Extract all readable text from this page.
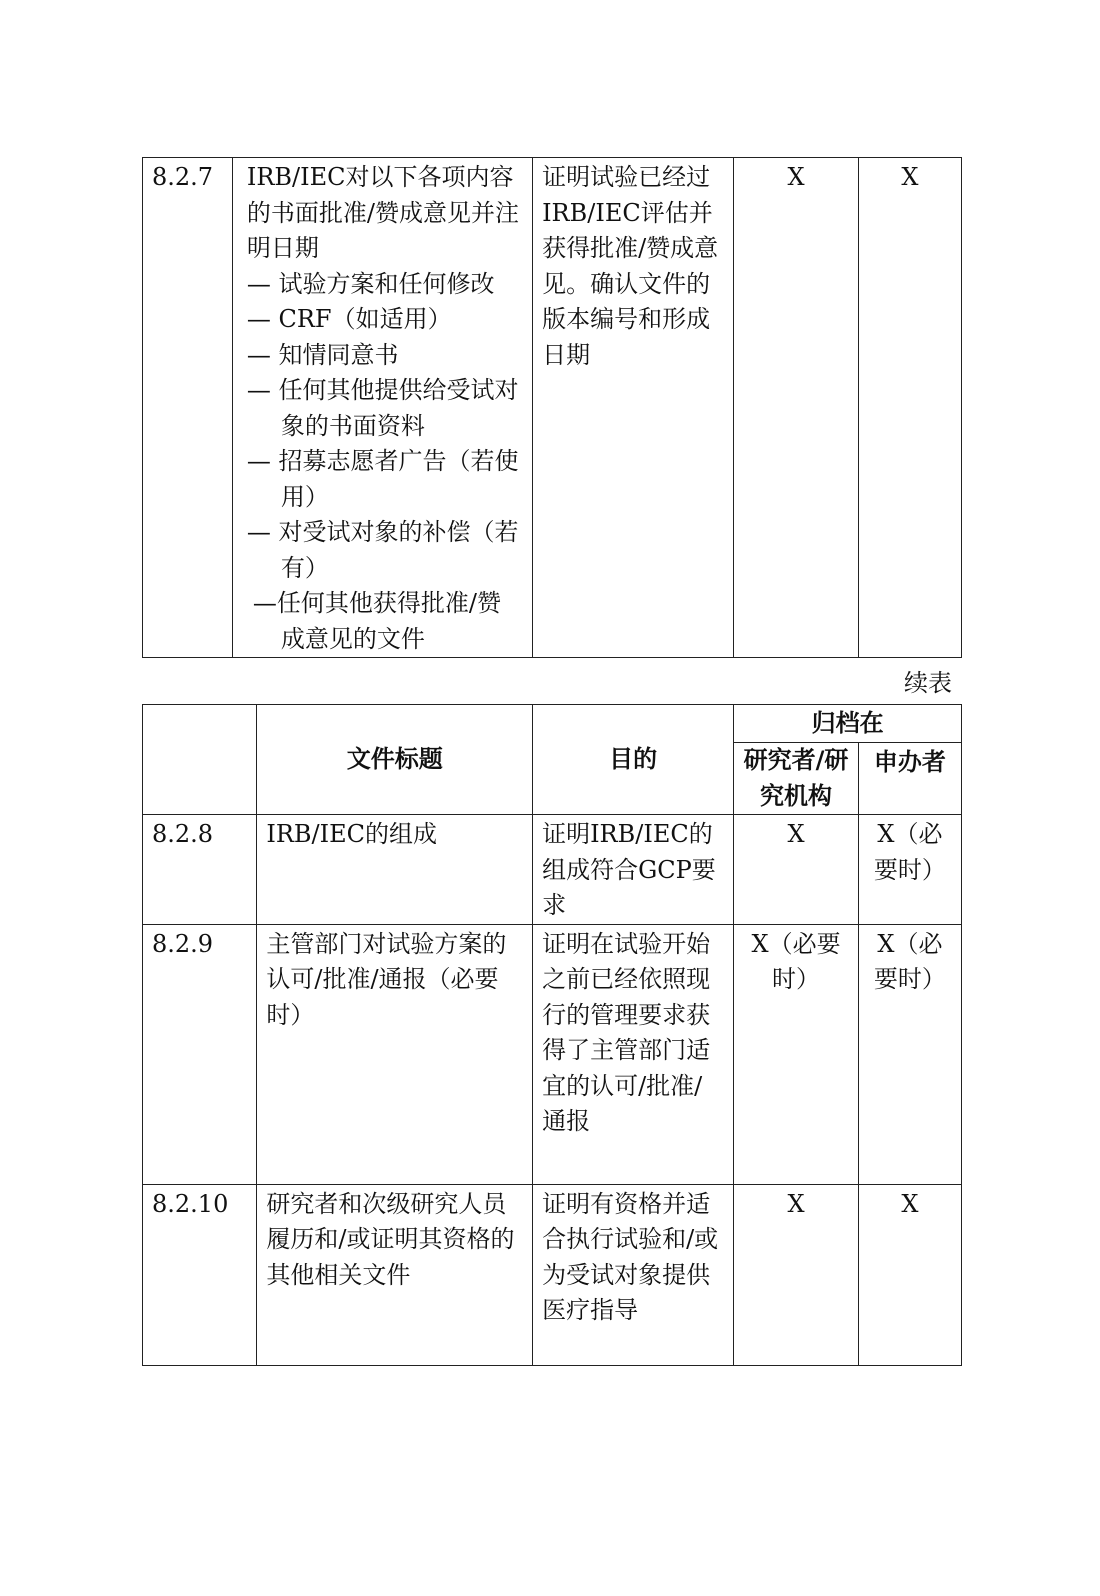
8.2.7	IRB/IEC对以下各项内容的书面批准/赞成意见并注明日期
— 试验方案和任何修改
— CRF（如适用）
— 知情同意书
— 任何其他提供给受试对象的书面资料
— 招募志愿者广告（若使用）
— 对受试对象的补偿（若有）
—任何其他获得批准/赞成意见的文件
	证明试验已经过IRB/IEC评估并获得批准/赞成意见。确认文件的版本编号和形成日期	X	X
续表
	文件标题	目的	归档在	
			研究者/研究机构	申办者
8.2.8	IRB/IEC的组成	证明IRB/IEC的组成符合GCP要求	X	X（必要时）
8.2.9	主管部门对试验方案的认可/批准/通报（必要时）	证明在试验开始之前已经依照现行的管理要求获得了主管部门适宜的认可/批准/通报	X（必要时）	X（必要时）
8.2.10	研究者和次级研究人员履历和/或证明其资格的其他相关文件	证明有资格并适合执行试验和/或为受试对象提供医疗指导	X	X
